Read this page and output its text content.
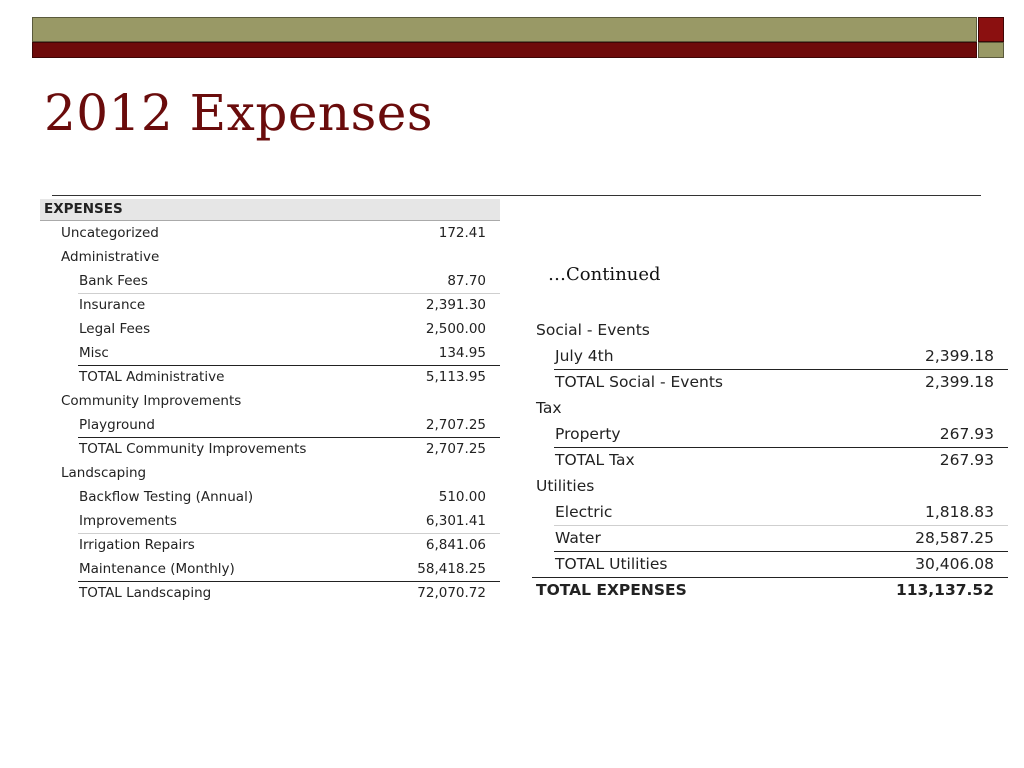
2012 Expenses
EXPENSES
Uncategorized	172.41
Administrative
Bank Fees	87.70
Insurance	2,391.30
Legal Fees	2,500.00
Misc	134.95
TOTAL Administrative	5,113.95
Community Improvements
Playground	2,707.25
TOTAL Community Improvements	2,707.25
Landscaping
Backflow Testing (Annual)	510.00
Improvements	6,301.41
Irrigation Repairs	6,841.06
Maintenance (Monthly)	58,418.25
TOTAL Landscaping	72,070.72
…Continued
Social - Events
July 4th	2,399.18
TOTAL Social - Events	2,399.18
Tax
Property	267.93
TOTAL Tax	267.93
Utilities
Electric	1,818.83
Water	28,587.25
TOTAL Utilities	30,406.08
TOTAL EXPENSES	113,137.52
